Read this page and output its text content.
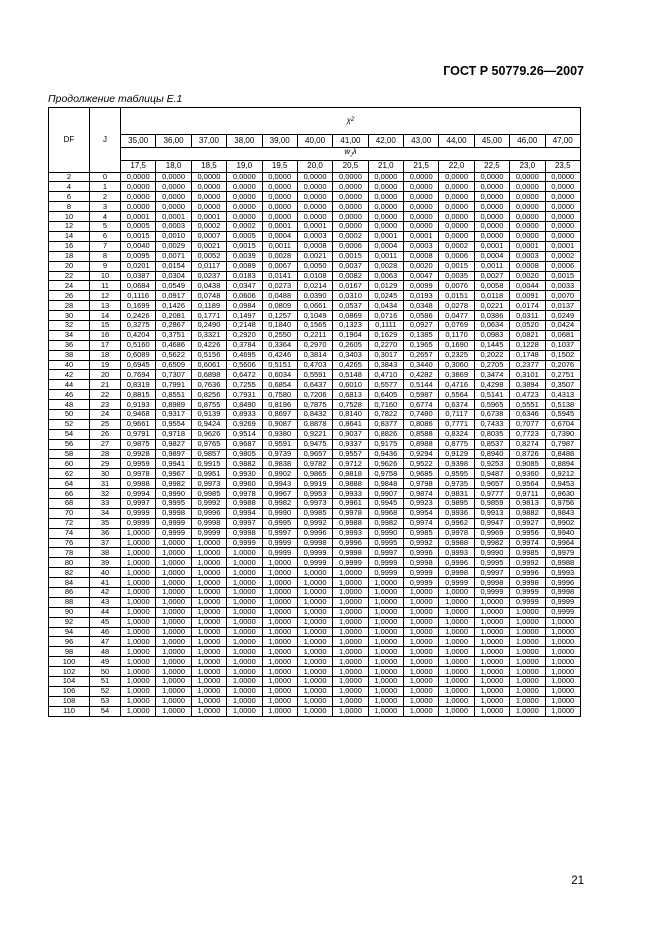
ГОСТ Р 50779.26—2007
Продолжение таблицы Е.1
DF	J	$\chi^2$
		35,00	36,00	37,00	38,00	39,00	40,00	41,00	42,00	43,00	44,00	45,00	46,00	47,00
		$w_J\lambda$												
		17,5	18,0	18,5	19,0	19,5	20,0	20,5	21,0	21,5	22,0	22,5	23,0	23,5
2	0	0,0000	0,0000	0,0000	0,0000	0,0000	0,0000	0,0000	0,0000	0,0000	0,0000	0,0000	0,0000	0,0000
4	1	0,0000	0,0000	0,0000	0,0000	0,0000	0,0000	0,0000	0,0000	0,0000	0,0000	0,0000	0,0000	0,0000
6	2	0,0000	0,0000	0,0000	0,0000	0,0000	0,0000	0,0000	0,0000	0,0000	0,0000	0,0000	0,0000	0,0000
8	3	0,0000	0,0000	0,0000	0,0000	0,0000	0,0000	0,0000	0,0000	0,0000	0,0000	0,0000	0,0000	0,0000
10	4	0,0001	0,0001	0,0001	0,0000	0,0000	0,0000	0,0000	0,0000	0,0000	0,0000	0,0000	0,0000	0,0000
12	5	0,0005	0,0003	0,0002	0,0002	0,0001	0,0001	0,0000	0,0000	0,0000	0,0000	0,0000	0,0000	0,0000
14	6	0,0015	0,0010	0,0007	0,0005	0,0004	0,0003	0,0002	0,0001	0,0001	0,0000	0,0000	0,0000	0,0000
16	7	0,0040	0,0029	0,0021	0,0015	0,0011	0,0008	0,0006	0,0004	0,0003	0,0002	0,0001	0,0001	0,0001
18	8	0,0095	0,0071	0,0052	0,0039	0,0028	0,0021	0,0015	0,0011	0,0008	0,0006	0,0004	0,0003	0,0002
20	9	0,0201	0,0154	0,0117	0,0089	0,0067	0,0050	0,0037	0,0028	0,0020	0,0015	0,0011	0,0008	0,0006
22	10	0,0387	0,0304	0,0237	0,0183	0,0141	0,0108	0,0082	0,0063	0,0047	0,0035	0,0027	0,0020	0,0015
24	11	0,0684	0,0549	0,0438	0,0347	0,0273	0,0214	0,0167	0,0129	0,0099	0,0076	0,0058	0,0044	0,0033
26	12	0,1116	0,0917	0,0748	0,0606	0,0488	0,0390	0,0310	0,0245	0,0193	0,0151	0,0118	0,0091	0,0070
28	13	0,1699	0,1426	0,1189	0,0984	0,0809	0,0661	0,0537	0,0434	0,0348	0,0278	0,0221	0,0174	0,0137
30	14	0,2426	0,2081	0,1771	0,1497	0,1257	0,1049	0,0869	0,0716	0,0586	0,0477	0,0386	0,0311	0,0249
32	15	0,3275	0,2867	0,2490	0,2148	0,1840	0,1565	0,1323	0,1111	0,0927	0,0769	0,0634	0,0520	0,0424
34	16	0,4204	0,3751	0,3321	0,2920	0,2550	0,2211	0,1904	0,1629	0,1385	0,1170	0,0983	0,0821	0,0681
36	17	0,5160	0,4686	0,4226	0,3784	0,3364	0,2970	0,2605	0,2270	0,1965	0,1690	0,1445	0,1228	0,1037
38	18	0,6089	0,5622	0,5156	0,4695	0,4246	0,3814	0,3403	0,3017	0,2657	0,2325	0,2022	0,1748	0,1502
40	19	0,6945	0,6509	0,6061	0,5606	0,5151	0,4703	0,4265	0,3843	0,3440	0,3060	0,2705	0,2377	0,2076
42	20	0,7694	0,7307	0,6898	0,6472	0,6034	0,5591	0,5148	0,4710	0,4282	0,3869	0,3474	0,3101	0,2751
44	21	0,8319	0,7991	0,7636	0,7255	0,6854	0,6437	0,6010	0,5577	0,5144	0,4716	0,4298	0,3894	0,3507
46	22	0,8815	0,8551	0,8256	0,7931	0,7580	0,7206	0,6813	0,6405	0,5987	0,5564	0,5141	0,4723	0,4313
48	23	0,9193	0,8989	0,8755	0,8490	0,8196	0,7875	0,7528	0,7160	0,6774	0,6374	0,5965	0,5551	0,5138
50	24	0,9468	0,9317	0,9139	0,8933	0,8697	0,8432	0,8140	0,7822	0,7480	0,7117	0,6738	0,6346	0,5945
52	25	0,9661	0,9554	0,9424	0,9269	0,9087	0,8878	0,8641	0,8377	0,8086	0,7771	0,7433	0,7077	0,6704
54	26	0,9791	0,9718	0,9626	0,9514	0,9380	0,9221	0,9037	0,8826	0,8588	0,8324	0,8035	0,7723	0,7390
56	27	0,9875	0,9827	0,9765	0,9687	0,9591	0,9475	0,9337	0,9175	0,8988	0,8775	0,8537	0,8274	0,7987
58	28	0,9928	0,9897	0,9857	0,9805	0,9739	0,9657	0,9557	0,9436	0,9294	0,9129	0,8940	0,8726	0,8488
60	29	0,9959	0,9941	0,9915	0,9882	0,9838	0,9782	0,9712	0,9626	0,9522	0,9398	0,9253	0,9085	0,8894
62	30	0,9978	0,9967	0,9951	0,9930	0,9902	0,9865	0,9818	0,9758	0,9685	0,9595	0,9487	0,9360	0,9212
64	31	0,9988	0,9982	0,9973	0,9960	0,9943	0,9919	0,9888	0,9848	0,9798	0,9735	0,9657	0,9564	0,9453
66	32	0,9994	0,9990	0,9985	0,9978	0,9967	0,9953	0,9933	0,9907	0,9874	0,9831	0,9777	0,9711	0,9630
68	33	0,9997	0,9995	0,9992	0,9988	0,9982	0,9973	0,9961	0,9945	0,9923	0,9895	0,9859	0,9813	0,9756
70	34	0,9999	0,9998	0,9996	0,9994	0,9990	0,9985	0,9978	0,9968	0,9954	0,9936	0,9913	0,9882	0,9843
72	35	0,9999	0,9999	0,9998	0,9997	0,9995	0,9992	0,9988	0,9982	0,9974	0,9962	0,9947	0,9927	0,9902
74	36	1,0000	0,9999	0,9999	0,9998	0,9997	0,9996	0,9993	0,9990	0,9985	0,9978	0,9969	0,9956	0,9940
76	37	1,0000	1,0000	1,0000	0,9999	0,9999	0,9998	0,9996	0,9995	0,9992	0,9988	0,9982	0,9974	0,9964
78	38	1,0000	1,0000	1,0000	1,0000	0,9999	0,9999	0,9998	0,9997	0,9996	0,9993	0,9990	0,9985	0,9979
80	39	1,0000	1,0000	1,0000	1,0000	1,0000	0,9999	0,9999	0,9999	0,9998	0,9996	0,9995	0,9992	0,9988
82	40	1,0000	1,0000	1,0000	1,0000	1,0000	1,0000	1,0000	0,9999	0,9999	0,9998	0,9997	0,9996	0,9993
84	41	1,0000	1,0000	1,0000	1,0000	1,0000	1,0000	1,0000	1,0000	0,9999	0,9999	0,9998	0,9998	0,9996
86	42	1,0000	1,0000	1,0000	1,0000	1,0000	1,0000	1,0000	1,0000	1,0000	1,0000	0,9999	0,9999	0,9998
88	43	1,0000	1,0000	1,0000	1,0000	1,0000	1,0000	1,0000	1,0000	1,0000	1,0000	1,0000	0,9999	0,9999
90	44	1,0000	1,0000	1,0000	1,0000	1,0000	1,0000	1,0000	1,0000	1,0000	1,0000	1,0000	1,0000	0,9999
92	45	1,0000	1,0000	1,0000	1,0000	1,0000	1,0000	1,0000	1,0000	1,0000	1,0000	1,0000	1,0000	1,0000
94	46	1,0000	1,0000	1,0000	1,0000	1,0000	1,0000	1,0000	1,0000	1,0000	1,0000	1,0000	1,0000	1,0000
96	47	1,0000	1,0000	1,0000	1,0000	1,0000	1,0000	1,0000	1,0000	1,0000	1,0000	1,0000	1,0000	1,0000
98	48	1,0000	1,0000	1,0000	1,0000	1,0000	1,0000	1,0000	1,0000	1,0000	1,0000	1,0000	1,0000	1,0000
100	49	1,0000	1,0000	1,0000	1,0000	1,0000	1,0000	1,0000	1,0000	1,0000	1,0000	1,0000	1,0000	1,0000
102	50	1,0000	1,0000	1,0000	1,0000	1,0000	1,0000	1,0000	1,0000	1,0000	1,0000	1,0000	1,0000	1,0000
104	51	1,0000	1,0000	1,0000	1,0000	1,0000	1,0000	1,0000	1,0000	1,0000	1,0000	1,0000	1,0000	1,0000
106	52	1,0000	1,0000	1,0000	1,0000	1,0000	1,0000	1,0000	1,0000	1,0000	1,0000	1,0000	1,0000	1,0000
108	53	1,0000	1,0000	1,0000	1,0000	1,0000	1,0000	1,0000	1,0000	1,0000	1,0000	1,0000	1,0000	1,0000
110	54	1,0000	1,0000	1,0000	1,0000	1,0000	1,0000	1,0000	1,0000	1,0000	1,0000	1,0000	1,0000	1,0000
21
